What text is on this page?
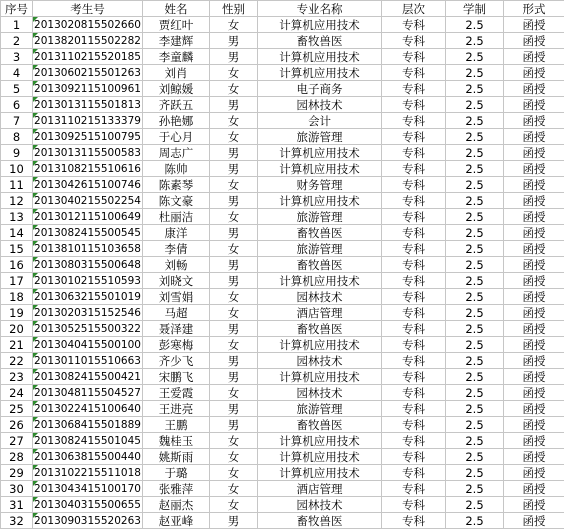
序号	考生号	姓名	性别	专业名称	层次	学制	形式
1	2013020815502660	贾红叶	女	计算机应用技术	专科	2.5	函授
2	2013820115502282	李建辉	男	畜牧兽医	专科	2.5	函授
3	2013110215520185	李童麟	男	计算机应用技术	专科	2.5	函授
4	2013060215501263	刘肖	女	计算机应用技术	专科	2.5	函授
5	2013092115100961	刘鲸媛	女	电子商务	专科	2.5	函授
6	2013013115501813	齐跃五	男	园林技术	专科	2.5	函授
7	2013110215133379	孙艳娜	女	会计	专科	2.5	函授
8	2013092515100795	于心月	女	旅游管理	专科	2.5	函授
9	2013013115500583	周志广	男	计算机应用技术	专科	2.5	函授
10	2013108215510616	陈帅	男	计算机应用技术	专科	2.5	函授
11	2013042615100746	陈素琴	女	财务管理	专科	2.5	函授
12	2013040215502254	陈文豪	男	计算机应用技术	专科	2.5	函授
13	2013012115100649	杜丽洁	女	旅游管理	专科	2.5	函授
14	2013082415500545	康洋	男	畜牧兽医	专科	2.5	函授
15	2013810115103658	李倩	女	旅游管理	专科	2.5	函授
16	2013080315500648	刘畅	男	畜牧兽医	专科	2.5	函授
17	2013010215510593	刘晓文	男	计算机应用技术	专科	2.5	函授
18	2013063215501019	刘雪娟	女	园林技术	专科	2.5	函授
19	2013020315152546	马超	女	酒店管理	专科	2.5	函授
20	2013052515500322	聂泽建	男	畜牧兽医	专科	2.5	函授
21	2013040415500100	彭寒梅	女	计算机应用技术	专科	2.5	函授
22	2013011015510663	齐少飞	男	园林技术	专科	2.5	函授
23	2013082415500421	宋鹏飞	男	计算机应用技术	专科	2.5	函授
24	2013048115504527	王爱霞	女	园林技术	专科	2.5	函授
25	2013022415100640	王进亮	男	旅游管理	专科	2.5	函授
26	2013068415501889	王鹏	男	畜牧兽医	专科	2.5	函授
27	2013082415501045	魏桂玉	女	计算机应用技术	专科	2.5	函授
28	2013063815500440	姚斯雨	女	计算机应用技术	专科	2.5	函授
29	2013102215511018	于璐	女	计算机应用技术	专科	2.5	函授
30	2013043415100170	张雅萍	女	酒店管理	专科	2.5	函授
31	2013040315500655	赵丽杰	女	园林技术	专科	2.5	函授
32	2013090315520263	赵亚峰	男	畜牧兽医	专科	2.5	函授
